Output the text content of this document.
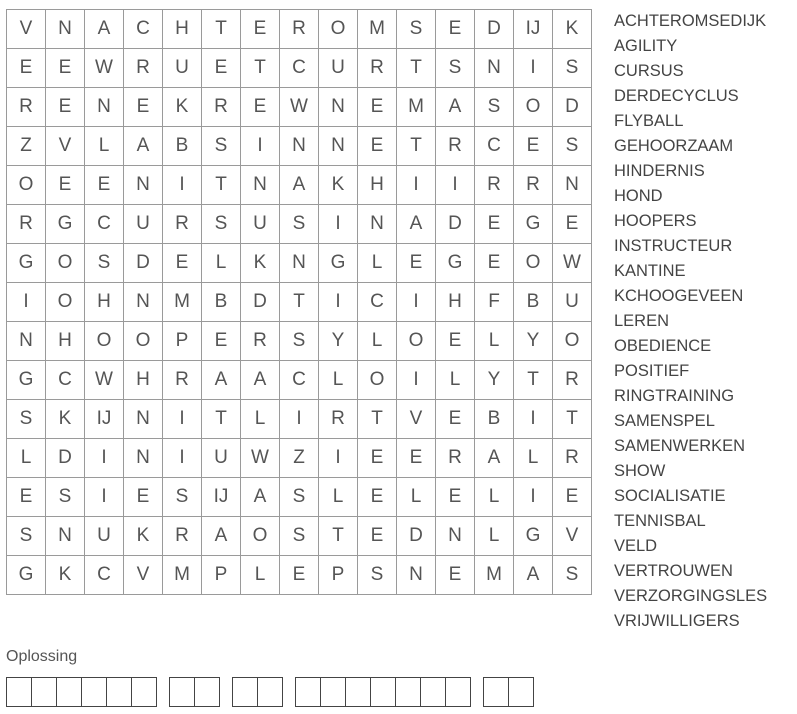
V	N	A	C	H	T	E	R	O	M	S	E	D	IJ	K
E	E	W	R	U	E	T	C	U	R	T	S	N	I	S
R	E	N	E	K	R	E	W	N	E	M	A	S	O	D
Z	V	L	A	B	S	I	N	N	E	T	R	C	E	S
O	E	E	N	I	T	N	A	K	H	I	I	R	R	N
R	G	C	U	R	S	U	S	I	N	A	D	E	G	E
G	O	S	D	E	L	K	N	G	L	E	G	E	O	W
I	O	H	N	M	B	D	T	I	C	I	H	F	B	U
N	H	O	O	P	E	R	S	Y	L	O	E	L	Y	O
G	C	W	H	R	A	A	C	L	O	I	L	Y	T	R
S	K	IJ	N	I	T	L	I	R	T	V	E	B	I	T
L	D	I	N	I	U	W	Z	I	E	E	R	A	L	R
E	S	I	E	S	IJ	A	S	L	E	L	E	L	I	E
S	N	U	K	R	A	O	S	T	E	D	N	L	G	V
G	K	C	V	M	P	L	E	P	S	N	E	M	A	S
ACHTEROMSEDIJK
AGILITY
CURSUS
DERDECYCLUS
FLYBALL
GEHOORZAAM
HINDERNIS
HOND
HOOPERS
INSTRUCTEUR
KANTINE
KCHOOGEVEEN
LEREN
OBEDIENCE
POSITIEF
RINGTRAINING
SAMENSPEL
SAMENWERKEN
SHOW
SOCIALISATIE
TENNISBAL
VELD
VERTROUWEN
VERZORGINGSLES
VRIJWILLIGERS
Oplossing
